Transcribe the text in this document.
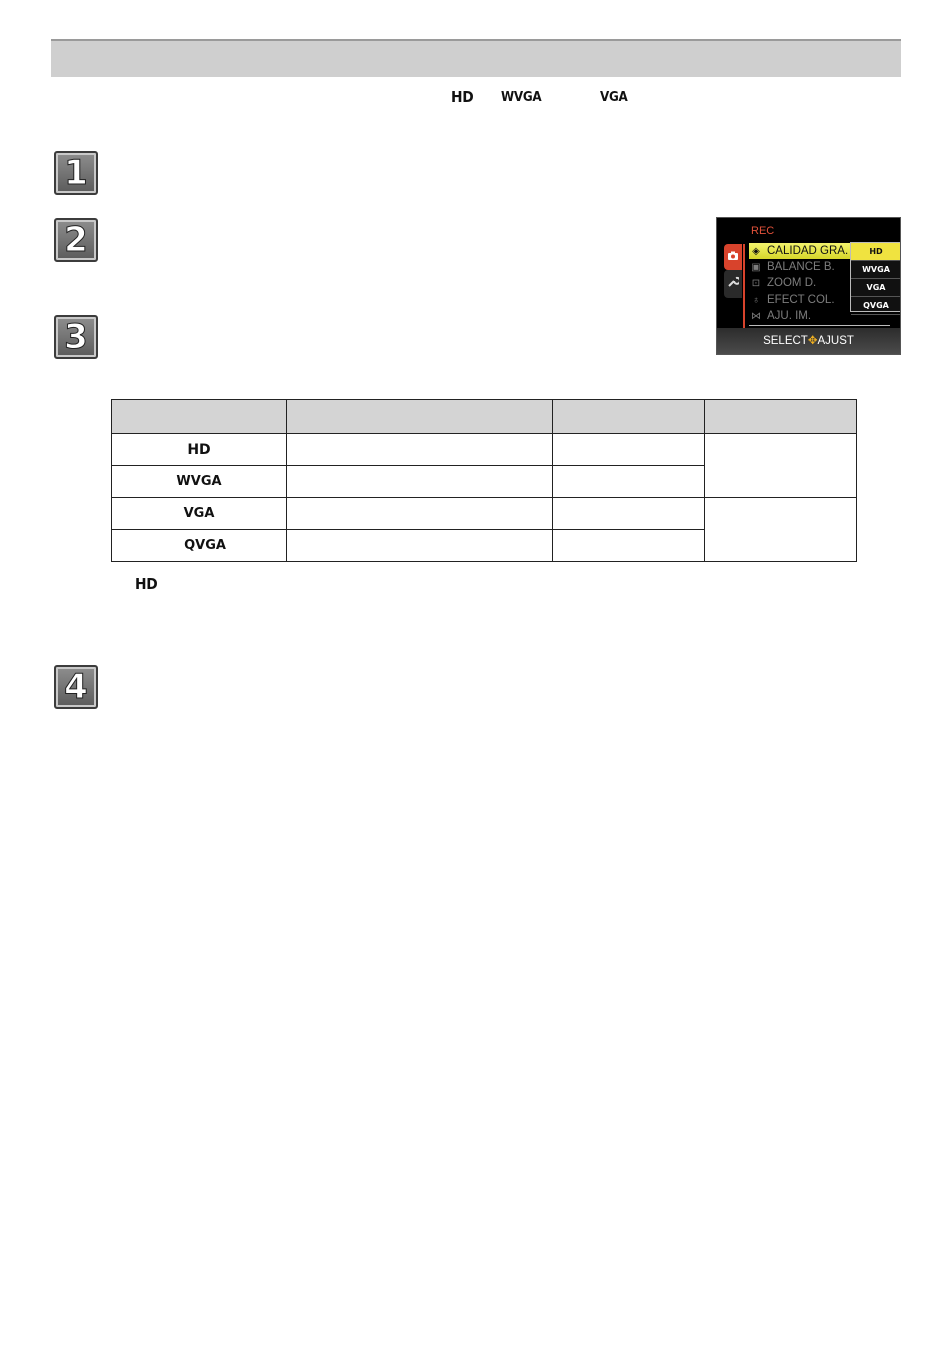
HD WVGA	VGA
1
2
3
4
REC
◈ CALIDAD GRA.
▣ BALANCE B.
⊡ ZOOM D.
♁ EFECT COL.
⋈ AJU. IM.
HD
WVGA
VGA
QVGA
SELECT✥AJUST

HD			
WVGA			
VGA			
QVGA			
HD
